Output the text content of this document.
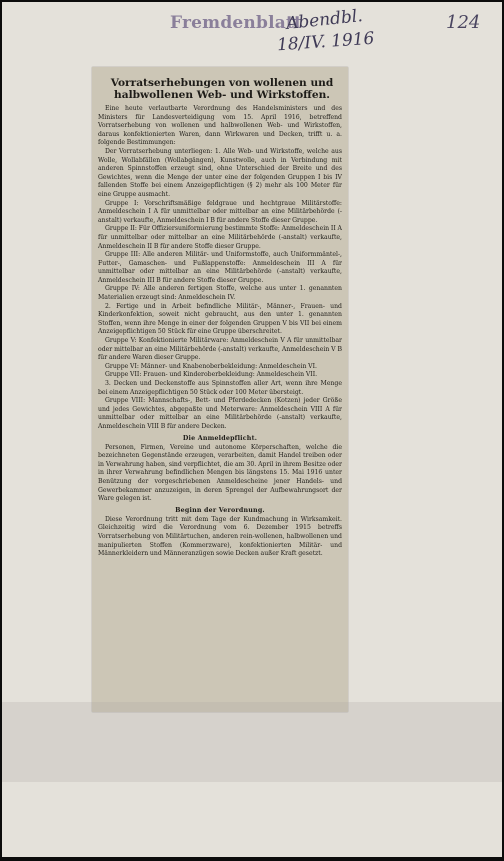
Fremdenblatt
Abendbl.
18/IV. 1916
124
Vorratserhebungen von wollenen und halbwollenen Web- und Wirkstoffen.

Eine heute verlautbarte Verordnung des Handelsministers und des Ministers für Landesverteidigung vom 15. April 1916, betreffend Vorratserhebung von wollenen und halbwollenen Web- und Wirkstoffen, daraus konfektionierten Waren, dann Wirkwaren und Decken, trifft u. a. folgende Bestimmungen:

Der Vorratserhebung unterliegen: 1. Alle Web- und Wirkstoffe, welche aus Wolle, Wollabfällen (Wollabgängen), Kunstwolle, auch in Verbindung mit anderen Spinnstoffen erzeugt sind, ohne Unterschied der Breite und des Gewichtes, wenn die Menge der unter eine der folgenden Gruppen I bis IV fallenden Stoffe bei einem Anzeigepflichtigen (§ 2) mehr als 100 Meter für eine Gruppe ausmacht.

Gruppe I: Vorschriftsmäßige feldgraue und hechtgraue Militärstoffe: Anmeldeschein I A für unmittelbar oder mittelbar an eine Militärbehörde (-anstalt) verkaufte, Anmeldeschein I B für andere Stoffe dieser Gruppe.

Gruppe II: Für Offiziersuniformierung bestimmte Stoffe: Anmeldeschein II A für unmittelbar oder mittelbar an eine Militärbehörde (-anstalt) verkaufte, Anmeldeschein II B für andere Stoffe dieser Gruppe.

Gruppe III: Alle anderen Militär- und Uniformstoffe, auch Uniformmäntel-, Futter-, Gamaschen- und Fußlappenstoffe: Anmeldeschein III A für unmittelbar oder mittelbar an eine Militärbehörde (-anstalt) verkaufte, Anmeldeschein III B für andere Stoffe dieser Gruppe.

Gruppe IV: Alle anderen fertigen Stoffe, welche aus unter 1. genannten Materialien erzeugt sind: Anmeldeschein IV.

2. Fertige und in Arbeit befindliche Militär-, Männer-, Frauen- und Kinderkonfektion, soweit nicht gebraucht, aus den unter 1. genannten Stoffen, wenn ihre Menge in einer der folgenden Gruppen V bis VII bei einem Anzeigepflichtigen 50 Stück für eine Gruppe überschreitet.

Gruppe V: Konfektionierte Militärware: Anmeldeschein V A für unmittelbar oder mittelbar an eine Militärbehörde (-anstalt) verkaufte, Anmeldeschein V B für andere Waren dieser Gruppe.

Gruppe VI: Männer- und Knabenoberbekleidung: Anmeldeschein VI.

Gruppe VII: Frauen- und Kinderoberbekleidung: Anmeldeschein VII.

3. Decken und Deckenstoffe aus Spinnstoffen aller Art, wenn ihre Menge bei einem Anzeigepflichtigen 50 Stück oder 100 Meter übersteigt.

Gruppe VIII: Mannschafts-, Bett- und Pferdedecken (Kotzen) jeder Größe und jedes Gewichtes, abgepaßte und Meterware: Anmeldeschein VIII A für unmittelbar oder mittelbar an eine Militärbehörde (-anstalt) verkaufte, Anmeldeschein VIII B für andere Decken.

Die Anmeldepflicht.

Personen, Firmen, Vereine und autonome Körperschaften, welche die bezeichneten Gegenstände erzeugen, verarbeiten, damit Handel treiben oder in Verwahrung haben, sind verpflichtet, die am 30. April in ihrem Besitze oder in ihrer Verwahrung befindlichen Mengen bis längstens 15. Mai 1916 unter Benützung der vorgeschriebenen Anmeldescheine jener Handels- und Gewerbekammer anzuzeigen, in deren Sprengel der Aufbewahrungsort der Ware gelegen ist.

Beginn der Verordnung.

Diese Verordnung tritt mit dem Tage der Kundmachung in Wirksamkeit. Gleichzeitig wird die Verordnung vom 6. Dezember 1915 betreffs Vorratserhebung von Militärtuchen, anderen rein-wollenen, halbwollenen und manipulierten Stoffen (Kommerzware), konfektionierten Militär- und Männerkleidern und Männeranzügen sowie Decken außer Kraft gesetzt.
